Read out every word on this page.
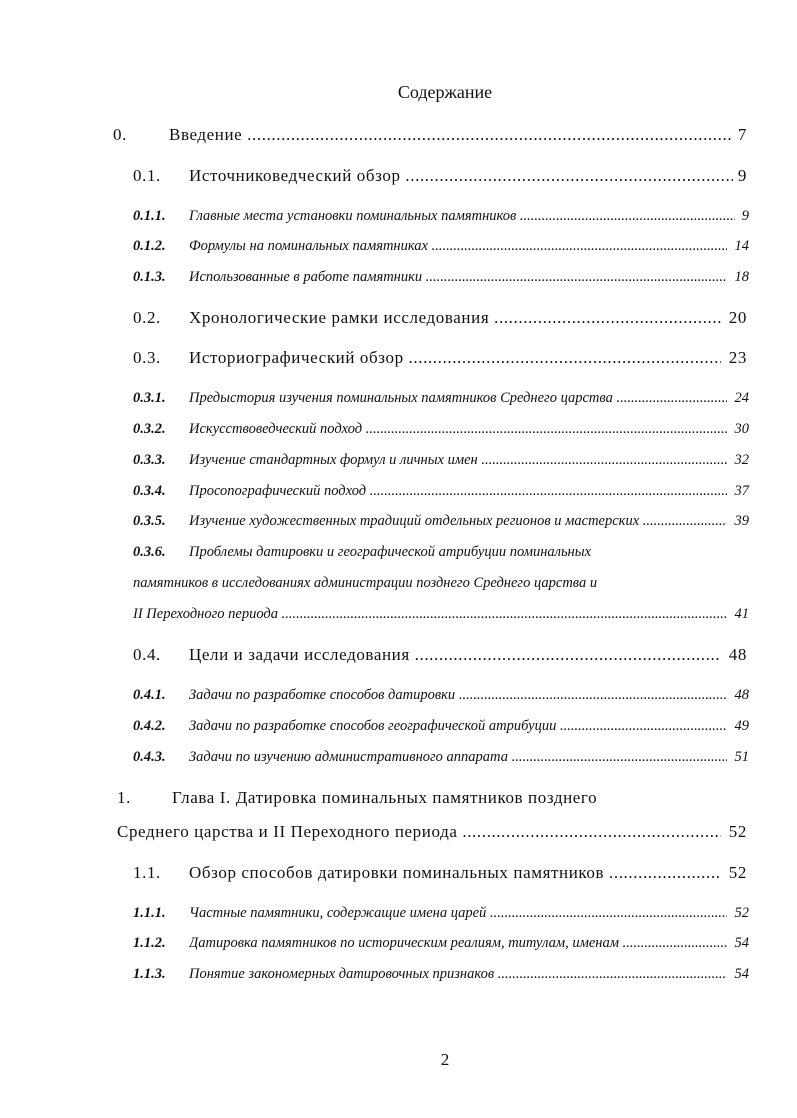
Содержание
0. Введение .....	7
0.1. Источниковедческий обзор .....	9
0.1.1. Главные места установки поминальных памятников .....	9
0.1.2. Формулы на поминальных памятниках .....	14
0.1.3. Использованные в работе памятники .....	18
0.2. Хронологические рамки исследования .....	20
0.3. Историографический обзор .....	23
0.3.1. Предыстория изучения поминальных памятников Среднего царства .....	24
0.3.2. Искусствоведческий подход .....	30
0.3.3. Изучение стандартных формул и личных имен .....	32
0.3.4. Просопографический подход .....	37
0.3.5. Изучение художественных традиций отдельных регионов и мастерских .....	39
0.3.6. Проблемы датировки и географической атрибуции поминальных
памятников в исследованиях администрации позднего Среднего царства и
II Переходного периода .....	41
0.4. Цели и задачи исследования .....	48
0.4.1. Задачи по разработке способов датировки .....	48
0.4.2. Задачи по разработке способов географической атрибуции .....	49
0.4.3. Задачи по изучению административного аппарата .....	51
1. Глава I. Датировка поминальных памятников позднего
Среднего царства и II Переходного периода .....	52
1.1. Обзор способов датировки поминальных памятников .....	52
1.1.1. Частные памятники, содержащие имена царей .....	52
1.1.2. Датировка памятников по историческим реалиям, титулам, именам .....	54
1.1.3. Понятие закономерных датировочных признаков .....	54
2
